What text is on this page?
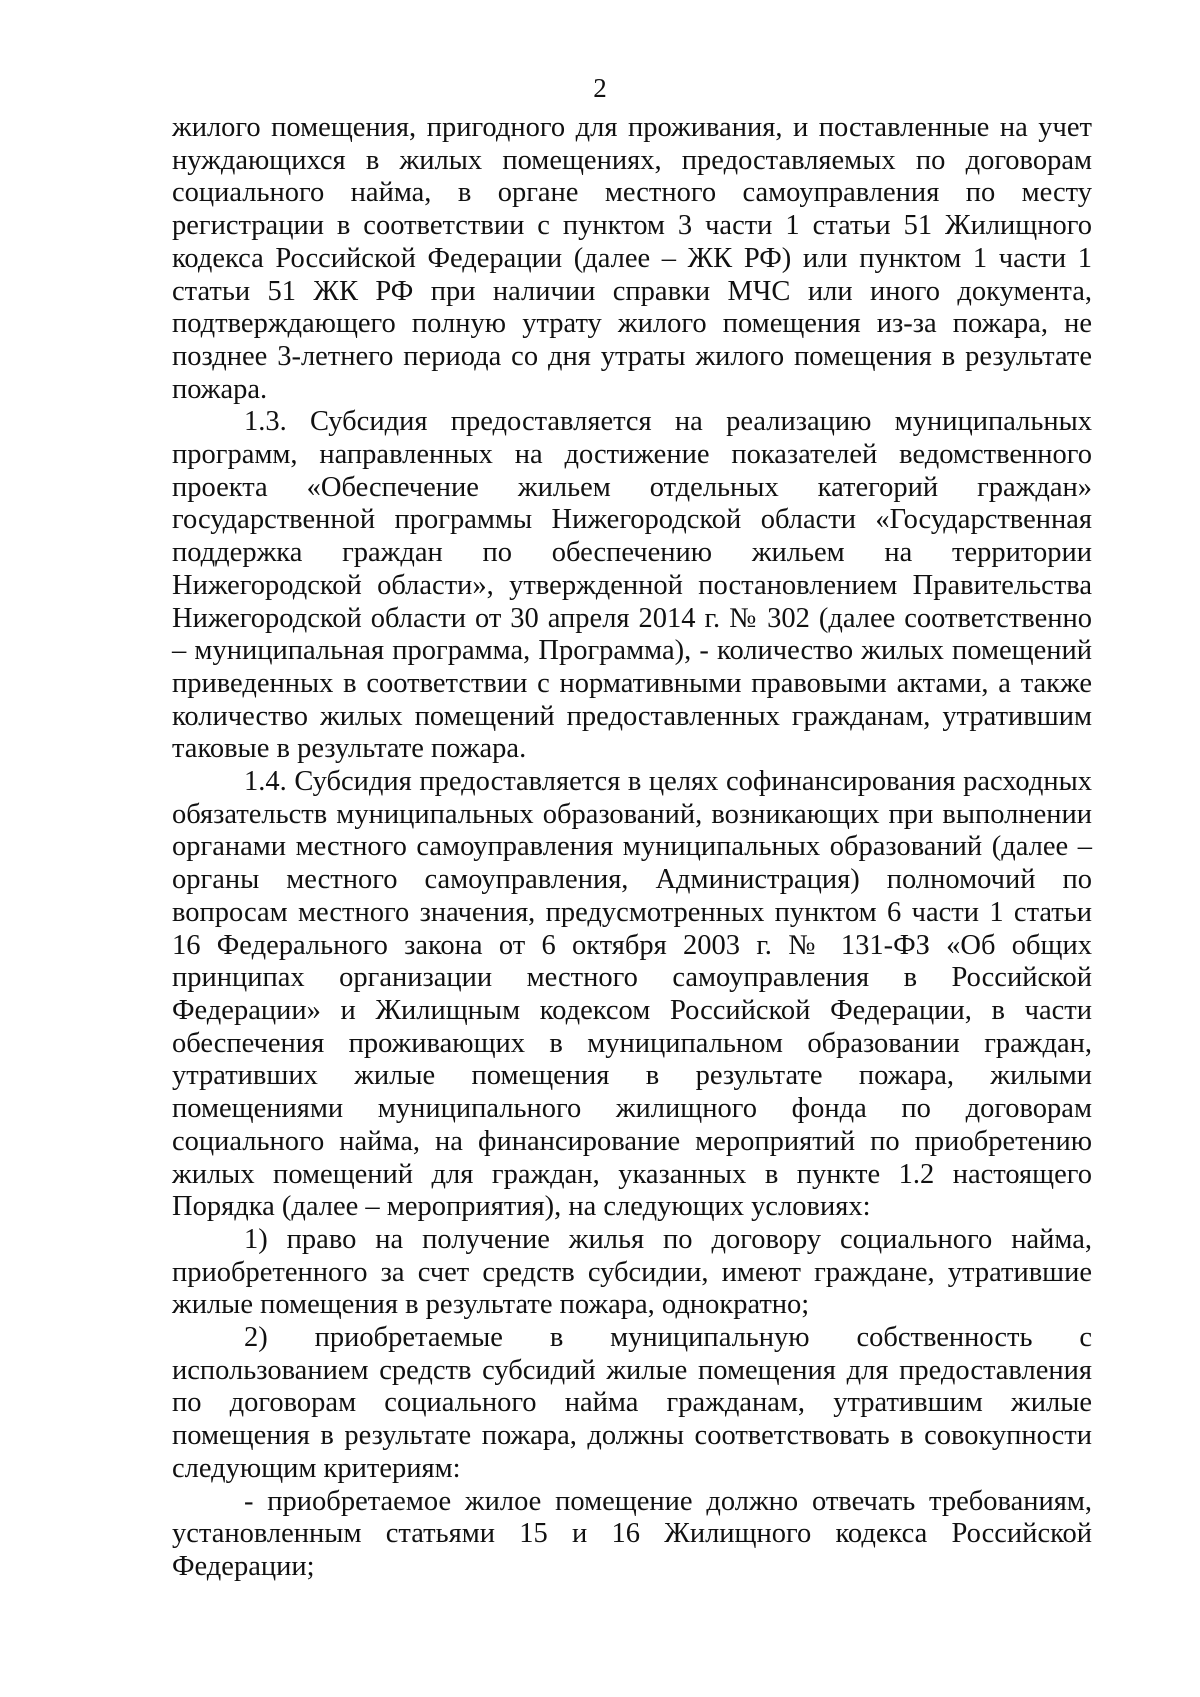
2

жилого помещения, пригодного для проживания, и поставленные на учет нуждающихся в жилых помещениях, предоставляемых по договорам социального найма, в органе местного самоуправления по месту регистрации в соответствии с пунктом 3 части 1 статьи 51 Жилищного кодекса Российской Федерации (далее – ЖК РФ) или пунктом 1 части 1 статьи 51 ЖК РФ при наличии справки МЧС или иного документа, подтверждающего полную утрату жилого помещения из-за пожара, не позднее 3-летнего периода со дня утраты жилого помещения в результате пожара.

1.3. Субсидия предоставляется на реализацию муниципальных программ, направленных на достижение показателей ведомственного проекта «Обеспечение жильем отдельных категорий граждан» государственной программы Нижегородской области «Государственная поддержка граждан по обеспечению жильем на территории Нижегородской области», утвержденной постановлением Правительства Нижегородской области от 30 апреля 2014 г. № 302 (далее соответственно – муниципальная программа, Программа), - количество жилых помещений приведенных в соответствии с нормативными правовыми актами, а также количество жилых помещений предоставленных гражданам, утратившим таковые в результате пожара.

1.4. Субсидия предоставляется в целях софинансирования расходных обязательств муниципальных образований, возникающих при выполнении органами местного самоуправления муниципальных образований (далее – органы местного самоуправления, Администрация) полномочий по вопросам местного значения, предусмотренных пунктом 6 части 1 статьи 16 Федерального закона от 6 октября 2003 г. № 131-ФЗ «Об общих принципах организации местного самоуправления в Российской Федерации» и Жилищным кодексом Российской Федерации, в части обеспечения проживающих в муниципальном образовании граждан, утративших жилые помещения в результате пожара, жилыми помещениями муниципального жилищного фонда по договорам социального найма, на финансирование мероприятий по приобретению жилых помещений для граждан, указанных в пункте 1.2 настоящего Порядка (далее – мероприятия), на следующих условиях:

1) право на получение жилья по договору социального найма, приобретенного за счет средств субсидии, имеют граждане, утратившие жилые помещения в результате пожара, однократно;

2) приобретаемые в муниципальную собственность с использованием средств субсидий жилые помещения для предоставления по договорам социального найма гражданам, утратившим жилые помещения в результате пожара, должны соответствовать в совокупности следующим критериям:

- приобретаемое жилое помещение должно отвечать требованиям, установленным статьями 15 и 16 Жилищного кодекса Российской Федерации;
